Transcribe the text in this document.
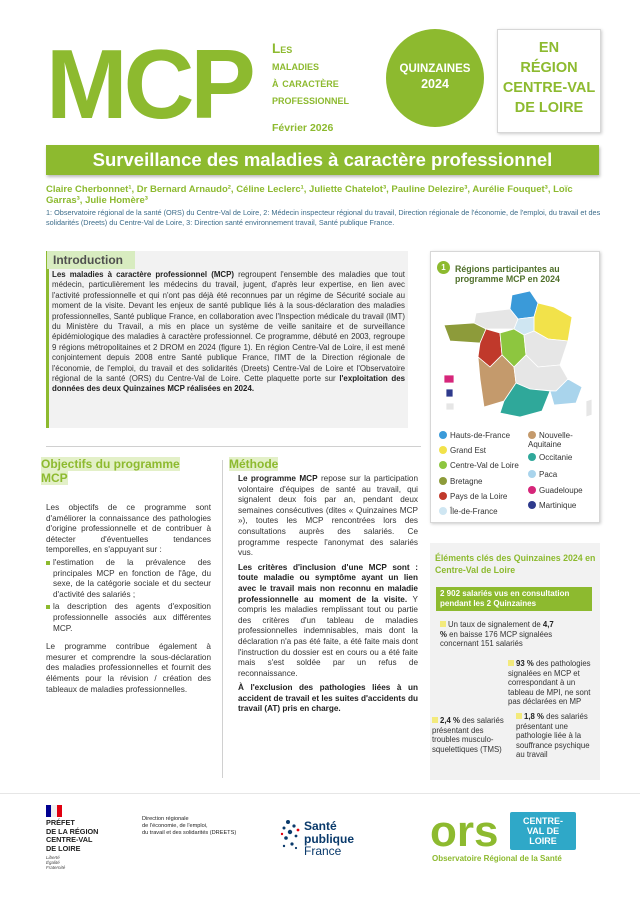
MCP Les
maladies
à caractère
professionnel
Février 2026
QUINZAINES
2024
EN
RÉGION
CENTRE-VAL
DE LOIRE
Surveillance des maladies à caractère professionnel
Claire Cherbonnet¹, Dr Bernard Arnaudo², Céline Leclerc¹, Juliette Chatelot³, Pauline Delezire³, Aurélie Fouquet³, Loïc Garras³, Julie Homère³
1: Observatoire régional de la santé (ORS) du Centre-Val de Loire, 2: Médecin inspecteur régional du travail, Direction régionale de l'économie, de l'emploi, du travail et des solidarités (Dreets) du Centre-Val de Loire, 3: Direction santé environnement travail, Santé publique France.
Introduction
Les maladies à caractère professionnel (MCP) regroupent l'ensemble des maladies que tout médecin, particulièrement les médecins du travail, jugent, d'après leur expertise, en lien avec l'activité professionnelle et qui n'ont pas déjà été reconnues par un régime de Sécurité sociale au moment de la visite. Devant les enjeux de santé publique liés à la sous-déclaration des maladies professionnelles, Santé publique France, en collaboration avec l'Inspection médicale du travail (IMT) du Ministère du Travail, a mis en place un système de veille sanitaire et de surveillance épidémiologique des maladies à caractère professionnel. Ce programme, débuté en 2003, regroupe 9 régions métropolitaines et 2 DROM en 2024 (figure 1). En région Centre-Val de Loire, il est mené conjointement depuis 2008 entre Santé publique France, l'IMT de la Direction régionale de l'économie, de l'emploi, du travail et des solidarités (Dreets) Centre-Val de Loire et l'Observatoire régional de la santé (ORS) du Centre-Val de Loire. Cette plaquette porte sur l'exploitation des données des deux Quinzaines MCP réalisées en 2024.
1	Régions participantes au programme MCP en 2024
Hauts-de-France	Nouvelle-Aquitaine
Grand Est
Occitanie
Centre-Val de Loire
Paca
Bretagne
Guadeloupe
Pays de la Loire
Martinique
Île-de-France
Objectifs du programme MCP

Les objectifs de ce programme sont d'améliorer la connaissance des pathologies d'origine professionnelle et de contribuer à détecter d'éventuelles tendances temporelles, en s'appuyant sur :

l'estimation de la prévalence des principales MCP en fonction de l'âge, du sexe, de la catégorie sociale et du secteur d'activité des salariés ;
la description des agents d'exposition professionnelle associés aux différentes MCP.

Le programme contribue également à mesurer et comprendre la sous-déclaration des maladies professionnelles et fournit des éléments pour la révision / création des tableaux de maladies professionnelles.

Méthode

Le programme MCP repose sur la participation volontaire d'équipes de santé au travail, qui signalent deux fois par an, pendant deux semaines consécutives (dites « Quinzaines MCP »), toutes les MCP rencontrées lors des consultations auprès des salariés. Ce programme respecte l'anonymat des salariés vus.

Les critères d'inclusion d'une MCP sont : toute maladie ou symptôme ayant un lien avec le travail mais non reconnu en maladie professionnelle au moment de la visite. Y compris les maladies remplissant tout ou partie des critères d'un tableau de maladies professionnelles indemnisables, mais dont la déclaration n'a pas été faite, a été faite mais dont l'instruction du dossier est en cours ou a été faite mais s'est soldée par un refus de reconnaissance.

À l'exclusion des pathologies liées à un accident de travail et les suites d'accidents du travail (AT) pris en charge.

Éléments clés des Quinzaines 2024 en Centre-Val de Loire
2 902 salariés vus en consultation pendant les 2 Quinzaines
Un taux de signalement de 4,7 % en baisse 176 MCP signalées concernant 151 salariés
93 % des pathologies signalées en MCP et correspondant à un tableau de MPI, ne sont pas déclarées en MP
2,4 % des salariés présentant des troubles musculo-squelettiques (TMS)
1,8 % des salariés présentant une pathologie liée à la souffrance psychique au travail
PRÉFET
DE LA RÉGION
CENTRE-VAL
DE LOIRE
Liberté
Égalité
Fraternité
Direction régionale
de l'économie, de l'emploi,
du travail et des solidarités (DREETS)	Santé
publique
France ors	CENTRE-VAL DE LOIRE
Observatoire Régional de la Santé
